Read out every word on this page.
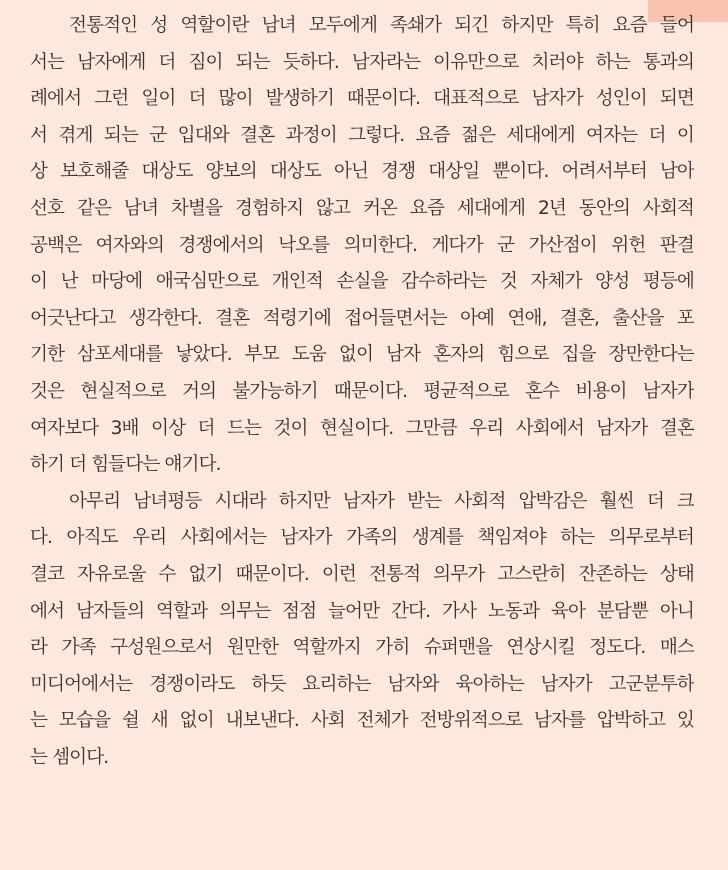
전통적인 성 역할이란 남녀 모두에게 족쇄가 되긴 하지만 특히 요즘 들어
서는 남자에게 더 짐이 되는 듯하다. 남자라는 이유만으로 치러야 하는 통과의
례에서 그런 일이 더 많이 발생하기 때문이다. 대표적으로 남자가 성인이 되면
서 겪게 되는 군 입대와 결혼 과정이 그렇다. 요즘 젊은 세대에게 여자는 더 이
상 보호해줄 대상도 양보의 대상도 아닌 경쟁 대상일 뿐이다. 어려서부터 남아
선호 같은 남녀 차별을 경험하지 않고 커온 요즘 세대에게 2년 동안의 사회적
공백은 여자와의 경쟁에서의 낙오를 의미한다. 게다가 군 가산점이 위헌 판결
이 난 마당에 애국심만으로 개인적 손실을 감수하라는 것 자체가 양성 평등에
어긋난다고 생각한다. 결혼 적령기에 접어들면서는 아예 연애, 결혼, 출산을 포
기한 삼포세대를 낳았다. 부모 도움 없이 남자 혼자의 힘으로 집을 장만한다는
것은 현실적으로 거의 불가능하기 때문이다. 평균적으로 혼수 비용이 남자가
여자보다 3배 이상 더 드는 것이 현실이다. 그만큼 우리 사회에서 남자가 결혼
하기 더 힘들다는 얘기다.
아무리 남녀평등 시대라 하지만 남자가 받는 사회적 압박감은 훨씬 더 크
다. 아직도 우리 사회에서는 남자가 가족의 생계를 책임져야 하는 의무로부터
결코 자유로울 수 없기 때문이다. 이런 전통적 의무가 고스란히 잔존하는 상태
에서 남자들의 역할과 의무는 점점 늘어만 간다. 가사 노동과 육아 분담뿐 아니
라 가족 구성원으로서 원만한 역할까지 가히 슈퍼맨을 연상시킬 정도다. 매스
미디어에서는 경쟁이라도 하듯 요리하는 남자와 육아하는 남자가 고군분투하
는 모습을 쉴 새 없이 내보낸다. 사회 전체가 전방위적으로 남자를 압박하고 있
는 셈이다.
